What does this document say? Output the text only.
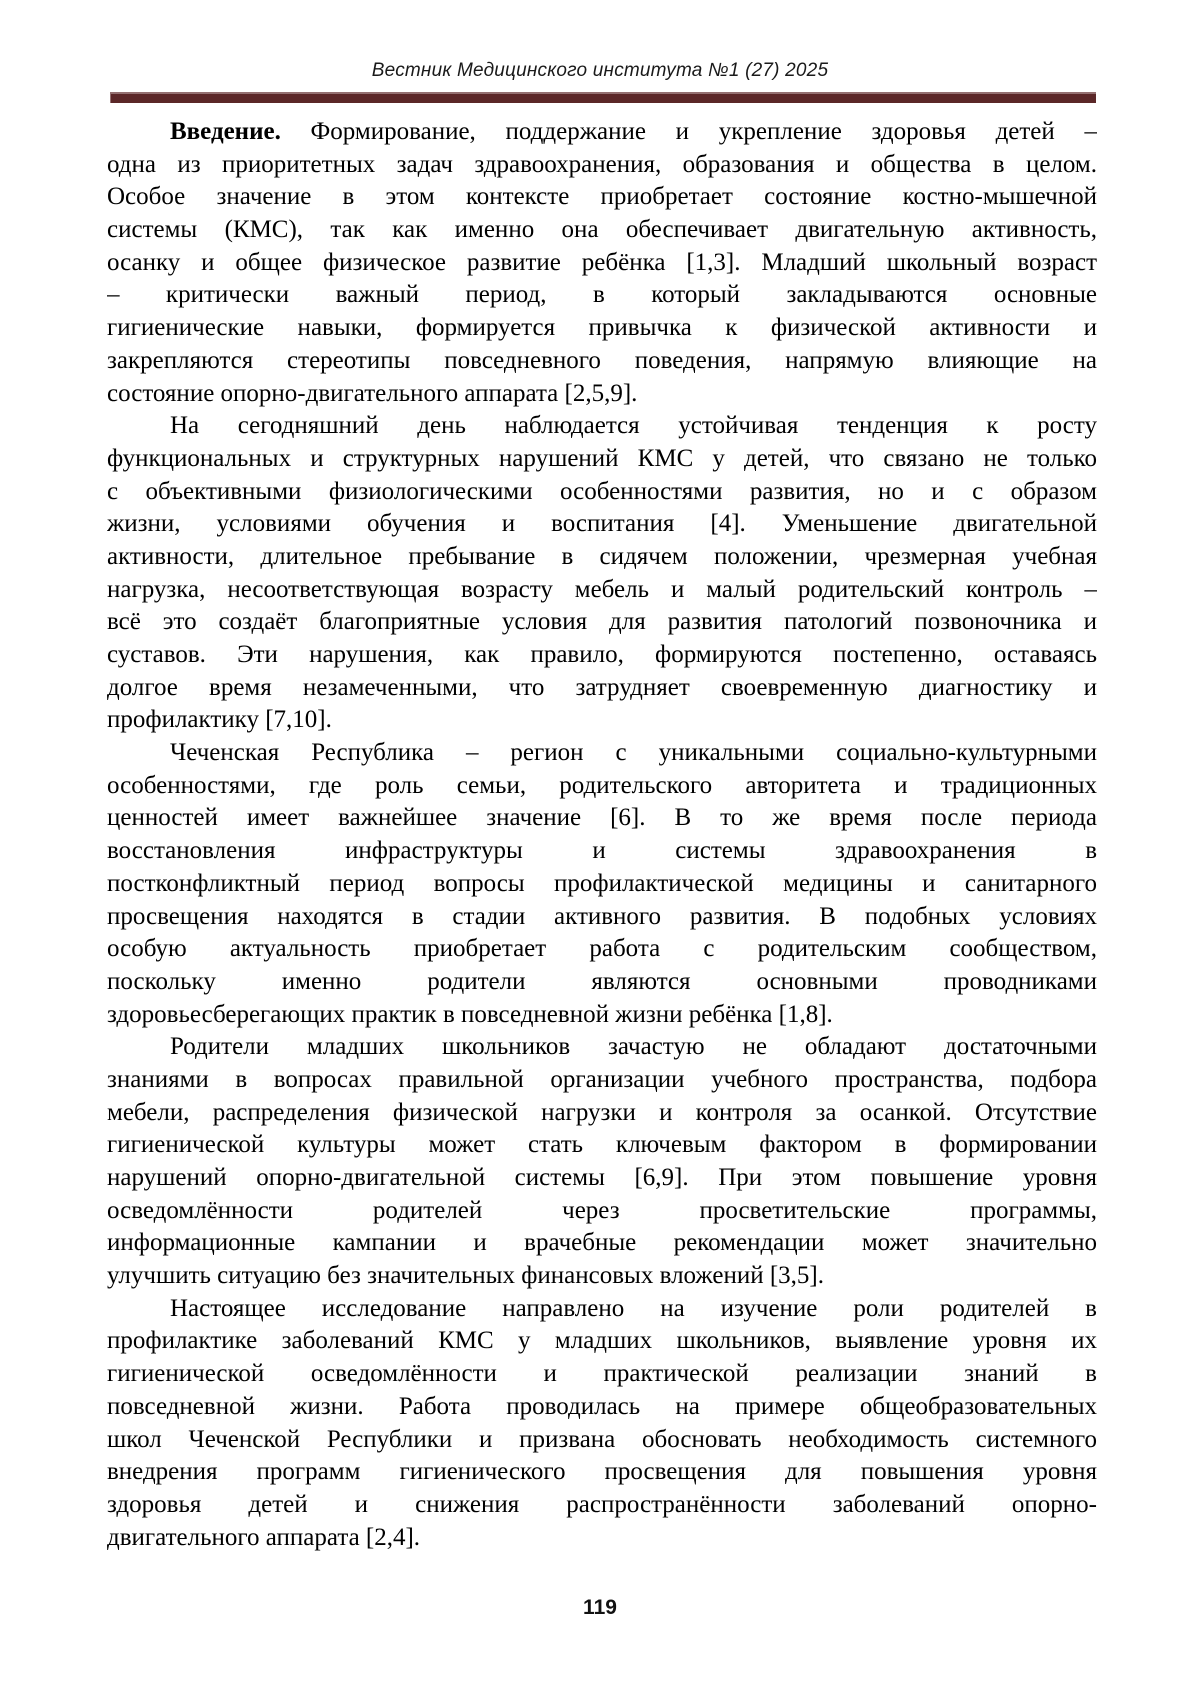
Вестник Медицинского института №1 (27) 2025
Введение. Формирование, поддержание и укрепление здоровья детей –
одна из приоритетных задач здравоохранения, образования и общества в целом.
Особое значение в этом контексте приобретает состояние костно-мышечной
системы (КМС), так как именно она обеспечивает двигательную активность,
осанку и общее физическое развитие ребёнка [1,3]. Младший школьный возраст
– критически важный период, в который закладываются основные
гигиенические навыки, формируется привычка к физической активности и
закрепляются стереотипы повседневного поведения, напрямую влияющие на
состояние опорно-двигательного аппарата [2,5,9].
На сегодняшний день наблюдается устойчивая тенденция к росту
функциональных и структурных нарушений КМС у детей, что связано не только
с объективными физиологическими особенностями развития, но и с образом
жизни, условиями обучения и воспитания [4]. Уменьшение двигательной
активности, длительное пребывание в сидячем положении, чрезмерная учебная
нагрузка, несоответствующая возрасту мебель и малый родительский контроль –
всё это создаёт благоприятные условия для развития патологий позвоночника и
суставов. Эти нарушения, как правило, формируются постепенно, оставаясь
долгое время незамеченными, что затрудняет своевременную диагностику и
профилактику [7,10].
Чеченская Республика – регион с уникальными социально-культурными
особенностями, где роль семьи, родительского авторитета и традиционных
ценностей имеет важнейшее значение [6]. В то же время после периода
восстановления инфраструктуры и системы здравоохранения в
постконфликтный период вопросы профилактической медицины и санитарного
просвещения находятся в стадии активного развития. В подобных условиях
особую актуальность приобретает работа с родительским сообществом,
поскольку именно родители являются основными проводниками
здоровьесберегающих практик в повседневной жизни ребёнка [1,8].
Родители младших школьников зачастую не обладают достаточными
знаниями в вопросах правильной организации учебного пространства, подбора
мебели, распределения физической нагрузки и контроля за осанкой. Отсутствие
гигиенической культуры может стать ключевым фактором в формировании
нарушений опорно-двигательной системы [6,9]. При этом повышение уровня
осведомлённости родителей через просветительские программы,
информационные кампании и врачебные рекомендации может значительно
улучшить ситуацию без значительных финансовых вложений [3,5].
Настоящее исследование направлено на изучение роли родителей в
профилактике заболеваний КМС у младших школьников, выявление уровня их
гигиенической осведомлённости и практической реализации знаний в
повседневной жизни. Работа проводилась на примере общеобразовательных
школ Чеченской Республики и призвана обосновать необходимость системного
внедрения программ гигиенического просвещения для повышения уровня
здоровья детей и снижения распространённости заболеваний опорно-
двигательного аппарата [2,4].
119
